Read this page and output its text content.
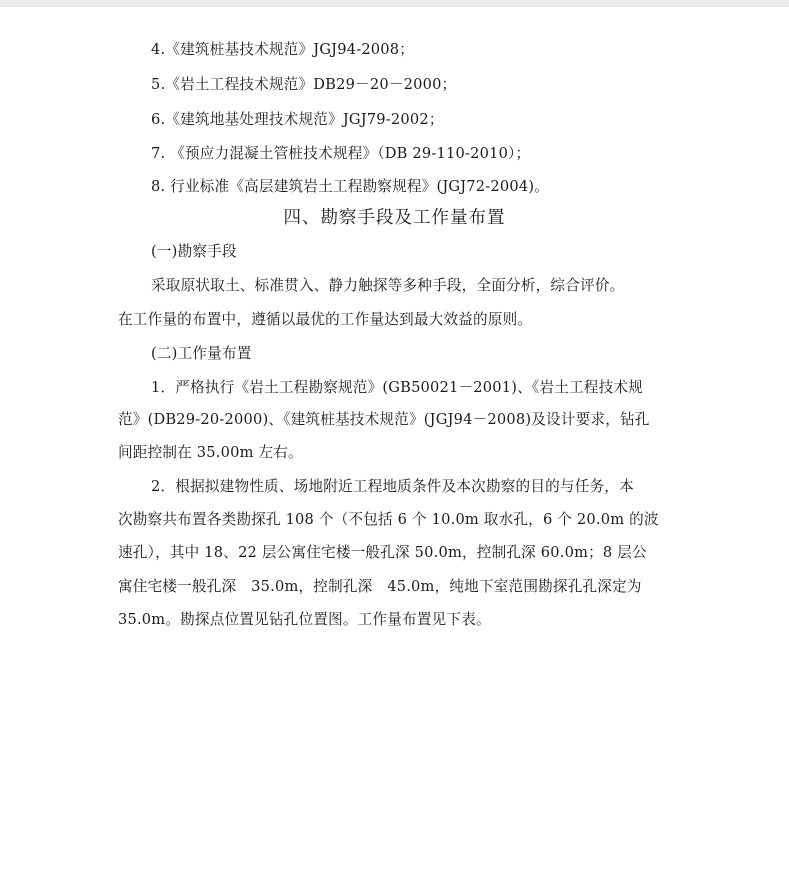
4.《建筑桩基技术规范》JGJ94-2008；
5.《岩土工程技术规范》DB29－20－2000；
6.《建筑地基处理技术规范》JGJ79-2002；
7. 《预应力混凝土管桩技术规程》（DB 29-110-2010）；
8. 行业标准《高层建筑岩土工程勘察规程》(JGJ72-2004)。
四、勘察手段及工作量布置
(一)勘察手段
采取原状取土、标准贯入、静力触探等多种手段，全面分析，综合评价。
在工作量的布置中，遵循以最优的工作量达到最大效益的原则。
(二)工作量布置
1．严格执行《岩土工程勘察规范》(GB50021－2001)、《岩土工程技术规
范》(DB29-20-2000)、《建筑桩基技术规范》(JGJ94－2008)及设计要求，钻孔
间距控制在 35.00m 左右。
2．根据拟建物性质、场地附近工程地质条件及本次勘察的目的与任务，本
次勘察共布置各类勘探孔 108 个（不包括 6 个 10.0m 取水孔，6 个 20.0m 的波
速孔），其中 18、22 层公寓住宅楼一般孔深 50.0m，控制孔深 60.0m；8 层公
寓住宅楼一般孔深　35.0m，控制孔深　45.0m，纯地下室范围勘探孔孔深定为
35.0m。勘探点位置见钻孔位置图。工作量布置见下表。
